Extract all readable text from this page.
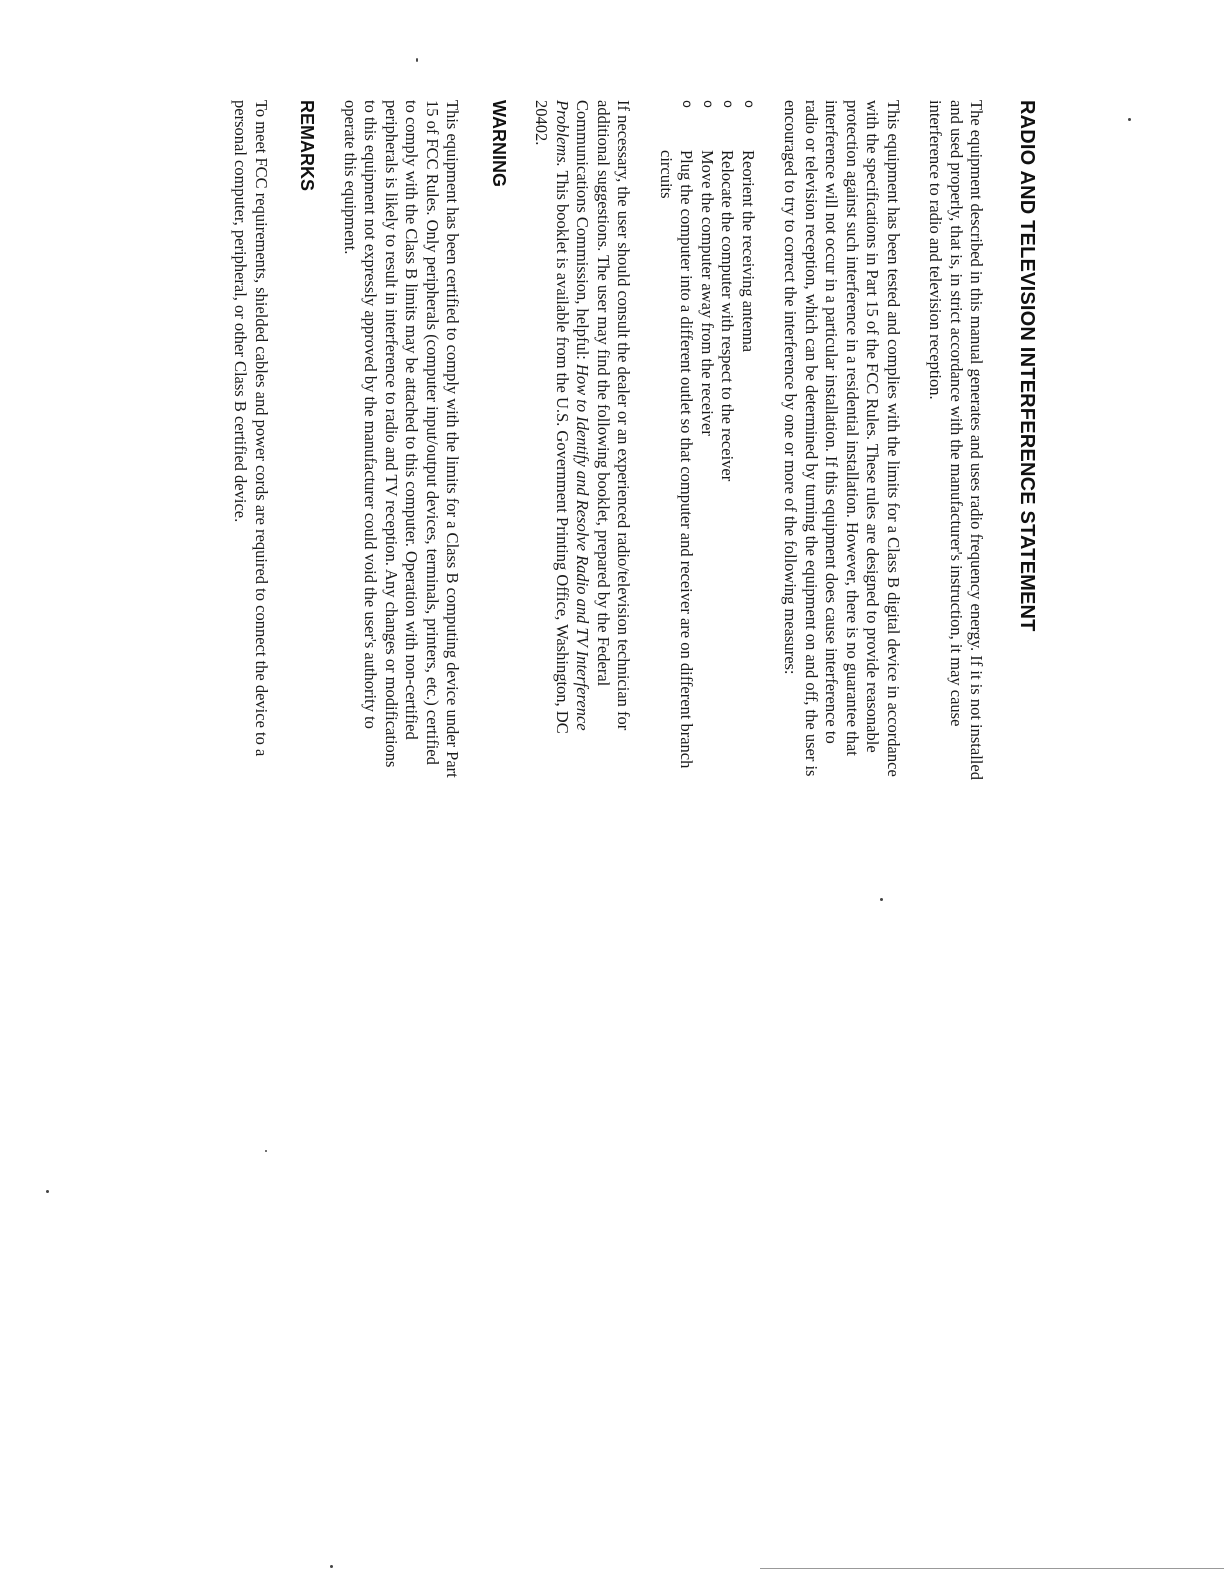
RADIO AND TELEVISION INTERFERENCE STATEMENT

The equipment described in this manual generates and uses radio frequency energy. If it is not installed and used properly, that is, in strict accordance with the manufacturer's instruction, it may cause interference to radio and television reception.

This equipment has been tested and complies with the limits for a Class B digital device in accordance with the specifications in Part 15 of the FCC Rules. These rules are designed to provide reasonable protection against such interference in a residential installation. However, there is no guarantee that interference will not occur in a particular installation. If this equipment does cause interference to radio or television reception, which can be determined by turning the equipment on and off, the user is encouraged to try to correct the interference by one or more of the following measures:

o
Reorient the receiving antenna
o
Relocate the computer with respect to the receiver
o
Move the computer away from the receiver
o
Plug the computer into a different outlet so that computer and receiver are on different branch circuits

If necessary, the user should consult the dealer or an experienced radio/television technician for additional suggestions. The user may find the following booklet, prepared by the Federal Communications Commission, helpful: How to Identify and Resolve Radio and TV Interference Problems. This booklet is available from the U.S. Government Printing Office, Washington, DC 20402.

WARNING

This equipment has been certified to comply with the limits for a Class B computing device under Part 15 of FCC Rules. Only peripherals (computer input/output devices, terminals, printers, etc.) certified to comply with the Class B limits may be attached to this computer. Operation with non-certified peripherals is likely to result in interference to radio and TV reception. Any changes or modifications to this equipment not expressly approved by the manufacturer could void the user's authority to operate this equipment.

REMARKS

To meet FCC requirements, shielded cables and power cords are required to connect the device to a personal computer, peripheral, or other Class B certified device.
